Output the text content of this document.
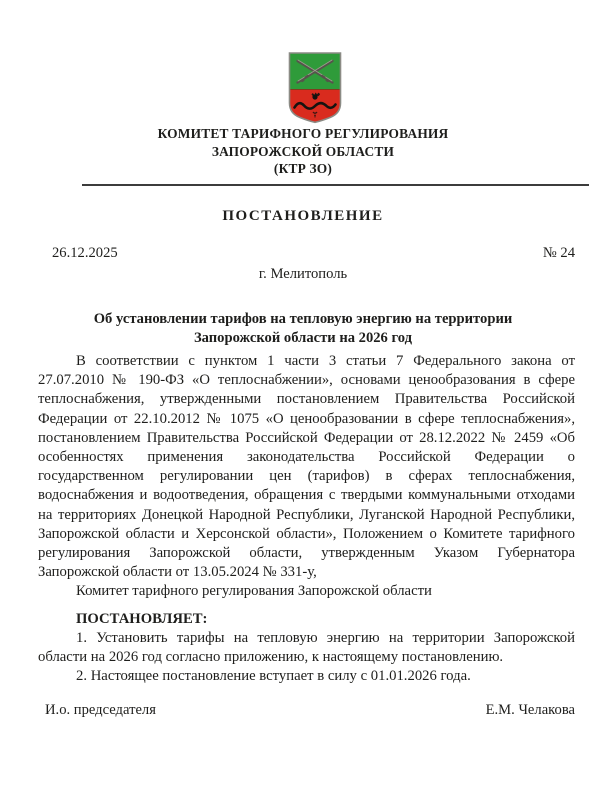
КОМИТЕТ ТАРИФНОГО РЕГУЛИРОВАНИЯ
ЗАПОРОЖСКОЙ ОБЛАСТИ
(КТР ЗО)
ПОСТАНОВЛЕНИЕ
26.12.2025	№ 24
г. Мелитополь
Об установлении тарифов на тепловую энергию на территории
Запорожской области на 2026 год

В соответствии с пунктом 1 части 3 статьи 7 Федерального закона от 27.07.2010 № 190-ФЗ «О теплоснабжении», основами ценообразования в сфере теплоснабжения, утвержденными постановлением Правительства Российской Федерации от 22.10.2012 № 1075 «О ценообразовании в сфере теплоснабжения», постановлением Правительства Российской Федерации от 28.12.2022 № 2459 «Об особенностях применения законодательства Российской Федерации о государственном регулировании цен (тарифов) в сферах теплоснабжения, водоснабжения и водоотведения, обращения с твердыми коммунальными отходами на территориях Донецкой Народной Республики, Луганской Народной Республики, Запорожской области и Херсонской области», Положением о Комитете тарифного регулирования Запорожской области, утвержденным Указом Губернатора Запорожской области от 13.05.2024 № 331-у,

Комитет тарифного регулирования Запорожской области

ПОСТАНОВЛЯЕТ:

1. Установить тарифы на тепловую энергию на территории Запорожской области на 2026 год согласно приложению, к настоящему постановлению.

2. Настоящее постановление вступает в силу с 01.01.2026 года.

И.о. председателя	Е.М. Челакова
